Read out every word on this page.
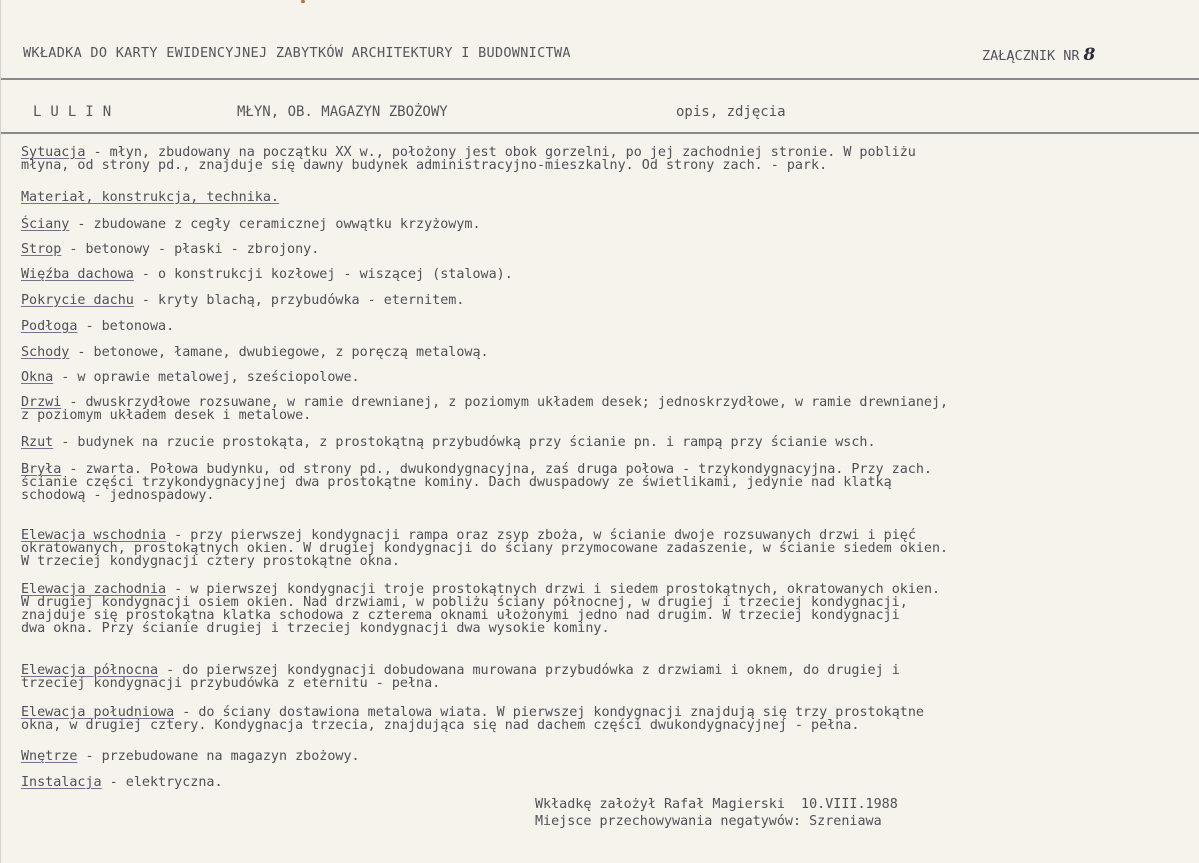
WKŁADKA DO KARTY EWIDENCYJNEJ ZABYTKÓW ARCHITEKTURY I BUDOWNICTWA	ZAŁĄCZNIK NR 8
LULIN	MŁYN, OB. MAGAZYN ZBOŻOWY	opis, zdjęcia
Sytuacja - młyn, zbudowany na początku XX w., położony jest obok gorzelni, po jej zachodniej stronie. W pobliżu
młyna, od strony pd., znajduje się dawny budynek administracyjno-mieszkalny. Od strony zach. - park.
Materiał, konstrukcja, technika.
Ściany - zbudowane z cegły ceramicznej owwątku krzyżowym.
Strop - betonowy - płaski - zbrojony.
Więźba dachowa - o konstrukcji kozłowej - wiszącej (stalowa).
Pokrycie dachu - kryty blachą, przybudówka - eternitem.
Podłoga - betonowa.
Schody - betonowe, łamane, dwubiegowe, z poręczą metalową.
Okna - w oprawie metalowej, sześciopolowe.
Drzwi - dwuskrzydłowe rozsuwane, w ramie drewnianej, z poziomym układem desek; jednoskrzydłowe, w ramie drewnianej,
z poziomym układem desek i metalowe.
Rzut - budynek na rzucie prostokąta, z prostokątną przybudówką przy ścianie pn. i rampą przy ścianie wsch.
Bryła - zwarta. Połowa budynku, od strony pd., dwukondygnacyjna, zaś druga połowa - trzykondygnacyjna. Przy zach.
ścianie części trzykondygnacyjnej dwa prostokątne kominy. Dach dwuspadowy ze świetlikami, jedynie nad klatką
schodową - jednospadowy.
Elewacja wschodnia - przy pierwszej kondygnacji rampa oraz zsyp zboża, w ścianie dwoje rozsuwanych drzwi i pięć
okratowanych, prostokątnych okien. W drugiej kondygnacji do ściany przymocowane zadaszenie, w ścianie siedem okien.
W trzeciej kondygnacji cztery prostokątne okna.
Elewacja zachodnia - w pierwszej kondygnacji troje prostokątnych drzwi i siedem prostokątnych, okratowanych okien.
W drugiej kondygnacji osiem okien. Nad drzwiami, w pobliżu ściany północnej, w drugiej i trzeciej kondygnacji,
znajduje się prostokątna klatka schodowa z czterema oknami ułożonymi jedno nad drugim. W trzeciej kondygnacji
dwa okna. Przy ścianie drugiej i trzeciej kondygnacji dwa wysokie kominy.
Elewacja północna - do pierwszej kondygnacji dobudowana murowana przybudówka z drzwiami i oknem, do drugiej i
trzeciej kondygnacji przybudówka z eternitu - pełna.
Elewacja południowa - do ściany dostawiona metalowa wiata. W pierwszej kondygnacji znajdują się trzy prostokątne
okna, w drugiej cztery. Kondygnacja trzecia, znajdująca się nad dachem części dwukondygnacyjnej - pełna.
Wnętrze - przebudowane na magazyn zbożowy.
Instalacja - elektryczna.
Wkładkę założył Rafał Magierski  10.VIII.1988
Miejsce przechowywania negatywów: Szreniawa
